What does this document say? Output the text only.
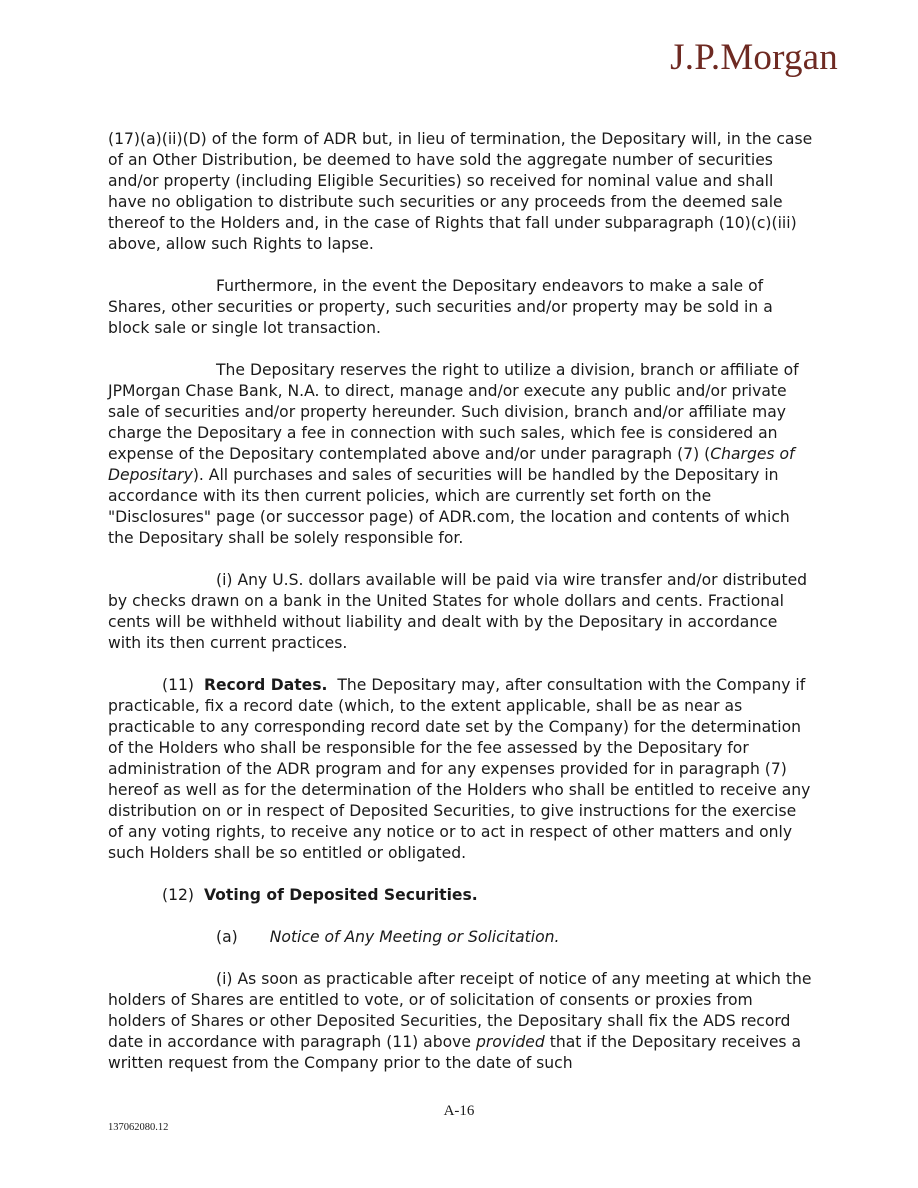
J.P.Morgan

(17)(a)(ii)(D) of the form of ADR but, in lieu of termination, the Depositary will, in the case of an Other Distribution, be deemed to have sold the aggregate number of securities and/or property (including Eligible Securities) so received for nominal value and shall have no obligation to distribute such securities or any proceeds from the deemed sale thereof to the Holders and, in the case of Rights that fall under subparagraph (10)(c)(iii) above, allow such Rights to lapse.

Furthermore, in the event the Depositary endeavors to make a sale of Shares, other securities or property, such securities and/or property may be sold in a block sale or single lot transaction.

The Depositary reserves the right to utilize a division, branch or affiliate of JPMorgan Chase Bank, N.A. to direct, manage and/or execute any public and/or private sale of securities and/or property hereunder. Such division, branch and/or affiliate may charge the Depositary a fee in connection with such sales, which fee is considered an expense of the Depositary contemplated above and/or under paragraph (7) (Charges of Depositary). All purchases and sales of securities will be handled by the Depositary in accordance with its then current policies, which are currently set forth on the "Disclosures" page (or successor page) of ADR.com, the location and contents of which the Depositary shall be solely responsible for.

(i) Any U.S. dollars available will be paid via wire transfer and/or distributed by checks drawn on a bank in the United States for whole dollars and cents. Fractional cents will be withheld without liability and dealt with by the Depositary in accordance with its then current practices.

(11) Record Dates. The Depositary may, after consultation with the Company if practicable, fix a record date (which, to the extent applicable, shall be as near as practicable to any corresponding record date set by the Company) for the determination of the Holders who shall be responsible for the fee assessed by the Depositary for administration of the ADR program and for any expenses provided for in paragraph (7) hereof as well as for the determination of the Holders who shall be entitled to receive any distribution on or in respect of Deposited Securities, to give instructions for the exercise of any voting rights, to receive any notice or to act in respect of other matters and only such Holders shall be so entitled or obligated.

(12) Voting of Deposited Securities.

(a) Notice of Any Meeting or Solicitation.

(i) As soon as practicable after receipt of notice of any meeting at which the holders of Shares are entitled to vote, or of solicitation of consents or proxies from holders of Shares or other Deposited Securities, the Depositary shall fix the ADS record date in accordance with paragraph (11) above provided that if the Depositary receives a written request from the Company prior to the date of such

A-16
137062080.12
